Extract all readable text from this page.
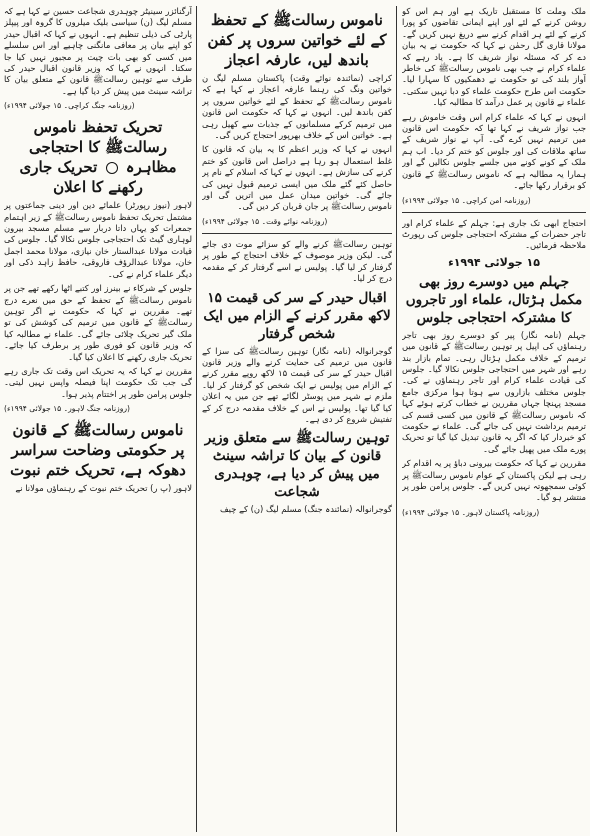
ملک وملت کا مستقبل تاریک ہے اور ہم اس کو روشن کرنے کے لئے اور اپنے ایمانی تقاضوں کو پورا کرنے کے لئے ہر اقدام کرنے سے دریغ نہیں کریں گے۔ مولانا قاری گل رحمٰن نے کہا کہ حکومت نے یہ بیان دے کر کہ مسئلہ نواز شریف کا ہے۔ یاد رہے کہ علماء کرام نے جب بھی ناموس رسالتﷺ کی خاطر آواز بلند کی تو حکومت نے دھمکیوں کا سہارا لیا۔ حکومت اس طرح حکومت علماء کو دبا نہیں سکتی۔ علماء نے قانون پر عمل درآمد کا مطالبہ کیا۔

انہوں نے کہا کہ علماء کرام اس وقت خاموش رہے جب نواز شریف نے کہا تھا کہ حکومت اس قانون میں ترمیم نہیں کرے گی۔ آپ نے نواز شریف کے ساتھ ملاقات کی اور جلوس کو ختم کر دیا۔ اب ہم ملک کے کونے کونے میں جلسے جلوس نکالیں گے اور ہمارا یہ مطالبہ ہے کہ ناموس رسالتﷺ کے قانون کو برقرار رکھا جائے۔

(روزنامہ امن کراچی۔ ۱۵ جولائی ۱۹۹۴ء)

احتجاج ابھی تک جاری ہے: جہلم کے علماء کرام اور تاجر حضرات کے مشترکہ احتجاجی جلوس کی رپورٹ ملاحظہ فرمائیں۔

۱۵ جولائی ۱۹۹۴ء
جہلم میں دوسرے روز بھی مکمل ہڑتال، علماء اور تاجروں کا مشترکہ احتجاجی جلوس

جہلم (نامہ نگار) پیر کو دوسرے روز بھی تاجر رہنماؤں کی اپیل پر توہین رسالتﷺ کے قانون میں ترمیم کے خلاف مکمل ہڑتال رہی۔ تمام بازار بند رہے اور شہر میں احتجاجی جلوس نکالا گیا۔ جلوس کی قیادت علماء کرام اور تاجر رہنماؤں نے کی۔ جلوس مختلف بازاروں سے ہوتا ہوا مرکزی جامع مسجد پہنچا جہاں مقررین نے خطاب کرتے ہوئے کہا کہ ناموس رسالتﷺ کے قانون میں کسی قسم کی ترمیم برداشت نہیں کی جائے گی۔ علماء نے حکومت کو خبردار کیا کہ اگر یہ قانون تبدیل کیا گیا تو تحریک پورے ملک میں پھیل جائے گی۔

مقررین نے کہا کہ حکومت بیرونی دباؤ پر یہ اقدام کر رہی ہے لیکن پاکستان کے عوام ناموس رسالتﷺ پر کوئی سمجھوتہ نہیں کریں گے۔ جلوس پرامن طور پر منتشر ہو گیا۔

(روزنامہ پاکستان لاہور۔ ۱۵ جولائی ۱۹۹۴ء)

ناموس رسالتﷺ کے تحفظ کے لئے خواتین سروں پر کفن باندھ لیں، عارفہ اعجاز

کراچی (نمائندہ نوائے وقت) پاکستان مسلم لیگ ن خواتین ونگ کی رہنما عارفہ اعجاز نے کہا ہے کہ ناموس رسالتﷺ کے تحفظ کے لئے خواتین سروں پر کفن باندھ لیں۔ انہوں نے کہا کہ حکومت اس قانون میں ترمیم کرکے مسلمانوں کے جذبات سے کھیل رہی ہے۔ خواتین اس کے خلاف بھرپور احتجاج کریں گی۔

انہوں نے کہا کہ وزیر اعظم کا یہ بیان کہ قانون کا غلط استعمال ہو رہا ہے دراصل اس قانون کو ختم کرنے کی سازش ہے۔ انہوں نے کہا کہ اسلام کے نام پر حاصل کئے گئے ملک میں ایسی ترمیم قبول نہیں کی جائے گی۔ خواتین میدان عمل میں اتریں گی اور ناموس رسالتﷺ پر جان قربان کر دیں گی۔

(روزنامہ نوائے وقت۔ ۱۵ جولائی ۱۹۹۴ء)

توہین رسالتﷺ کرنے والے کو سزائے موت دی جائے گی۔ لیکن وزیر موصوف کے خلاف احتجاج کے طور پر گرفتار کر لیا گیا۔ پولیس نے اسے گرفتار کر کے مقدمہ درج کر لیا۔

اقبال حیدر کے سر کی قیمت ۱۵ لاکھ مقرر کرنے کے الزام میں ایک شخص گرفتار

گوجرانوالہ (نامہ نگار) توہین رسالتﷺ کی سزا کے قانون میں ترمیم کی حمایت کرنے والے وزیر قانون اقبال حیدر کے سر کی قیمت ۱۵ لاکھ روپے مقرر کرنے کے الزام میں پولیس نے ایک شخص کو گرفتار کر لیا۔ ملزم نے شہر میں پوسٹر لگائے تھے جن میں یہ اعلان کیا گیا تھا۔ پولیس نے اس کے خلاف مقدمہ درج کر کے تفتیش شروع کر دی ہے۔

توہین رسالتﷺ سے متعلق وزیر قانون کے بیان کا تراشہ سینٹ میں پیش کر دیا ہے، چوہدری شجاعت

گوجرانوالہ (نمائندہ جنگ) مسلم لیگ (ن) کے چیف

آرگنائزر سینیٹر چوہدری شجاعت حسین نے کہا ہے کہ مسلم لیگ (ن) سیاسی بلیک میلروں کا گروہ اور پیپلز پارٹی کی ذیلی تنظیم ہے۔ انہوں نے کہا کہ اقبال حیدر کو اپنے بیان پر معافی مانگنی چاہیے اور اس سلسلے میں کسی کو بھی بات چیت پر مجبور نہیں کیا جا سکتا۔ انہوں نے کہا کہ وزیر قانون اقبال حیدر کی طرف سے توہین رسالتﷺ قانون کے متعلق بیان کا تراشہ سینٹ میں پیش کر دیا گیا ہے۔

(روزنامہ جنگ کراچی۔ ۱۵ جولائی ۱۹۹۴ء)

تحریک تحفظ ناموس رسالتﷺ کا احتجاجی
مظاہرہ  تحریک جاری رکھنے کا اعلان

لاہور (نیوز رپورٹر) علمائے دین اور دینی جماعتوں پر مشتمل تحریک تحفظ ناموس رسالتﷺ کے زیر اہتمام جمعرات کو یہاں داتا دربار سے مسلم مسجد بیرون لوہاری گیٹ تک احتجاجی جلوس نکالا گیا۔ جلوس کی قیادت مولانا عبدالستار خان نیازی، مولانا محمد اجمل خان، مولانا عبدالرؤف فاروقی، حافظ زاہد ذکی اور دیگر علماء کرام نے کی۔

جلوس کے شرکاء نے بینرز اور کتبے اٹھا رکھے تھے جن پر ناموس رسالتﷺ کے تحفظ کے حق میں نعرے درج تھے۔ مقررین نے کہا کہ حکومت نے اگر توہین رسالتﷺ کے قانون میں ترمیم کی کوشش کی تو ملک گیر تحریک چلائی جائے گی۔ علماء نے مطالبہ کیا کہ وزیر قانون کو فوری طور پر برطرف کیا جائے۔ تحریک جاری رکھنے کا اعلان کیا گیا۔

مقررین نے کہا کہ یہ تحریک اس وقت تک جاری رہے گی جب تک حکومت اپنا فیصلہ واپس نہیں لیتی۔ جلوس پرامن طور پر اختتام پذیر ہوا۔

(روزنامہ جنگ لاہور۔ ۱۵ جولائی ۱۹۹۴ء)

ناموس رسالتﷺ کے قانون پر حکومتی وضاحت سراسر دھوکہ ہے، تحریک ختم نبوت

لاہور (پ ر) تحریک ختم نبوت کے رہنماؤں مولانا نے
